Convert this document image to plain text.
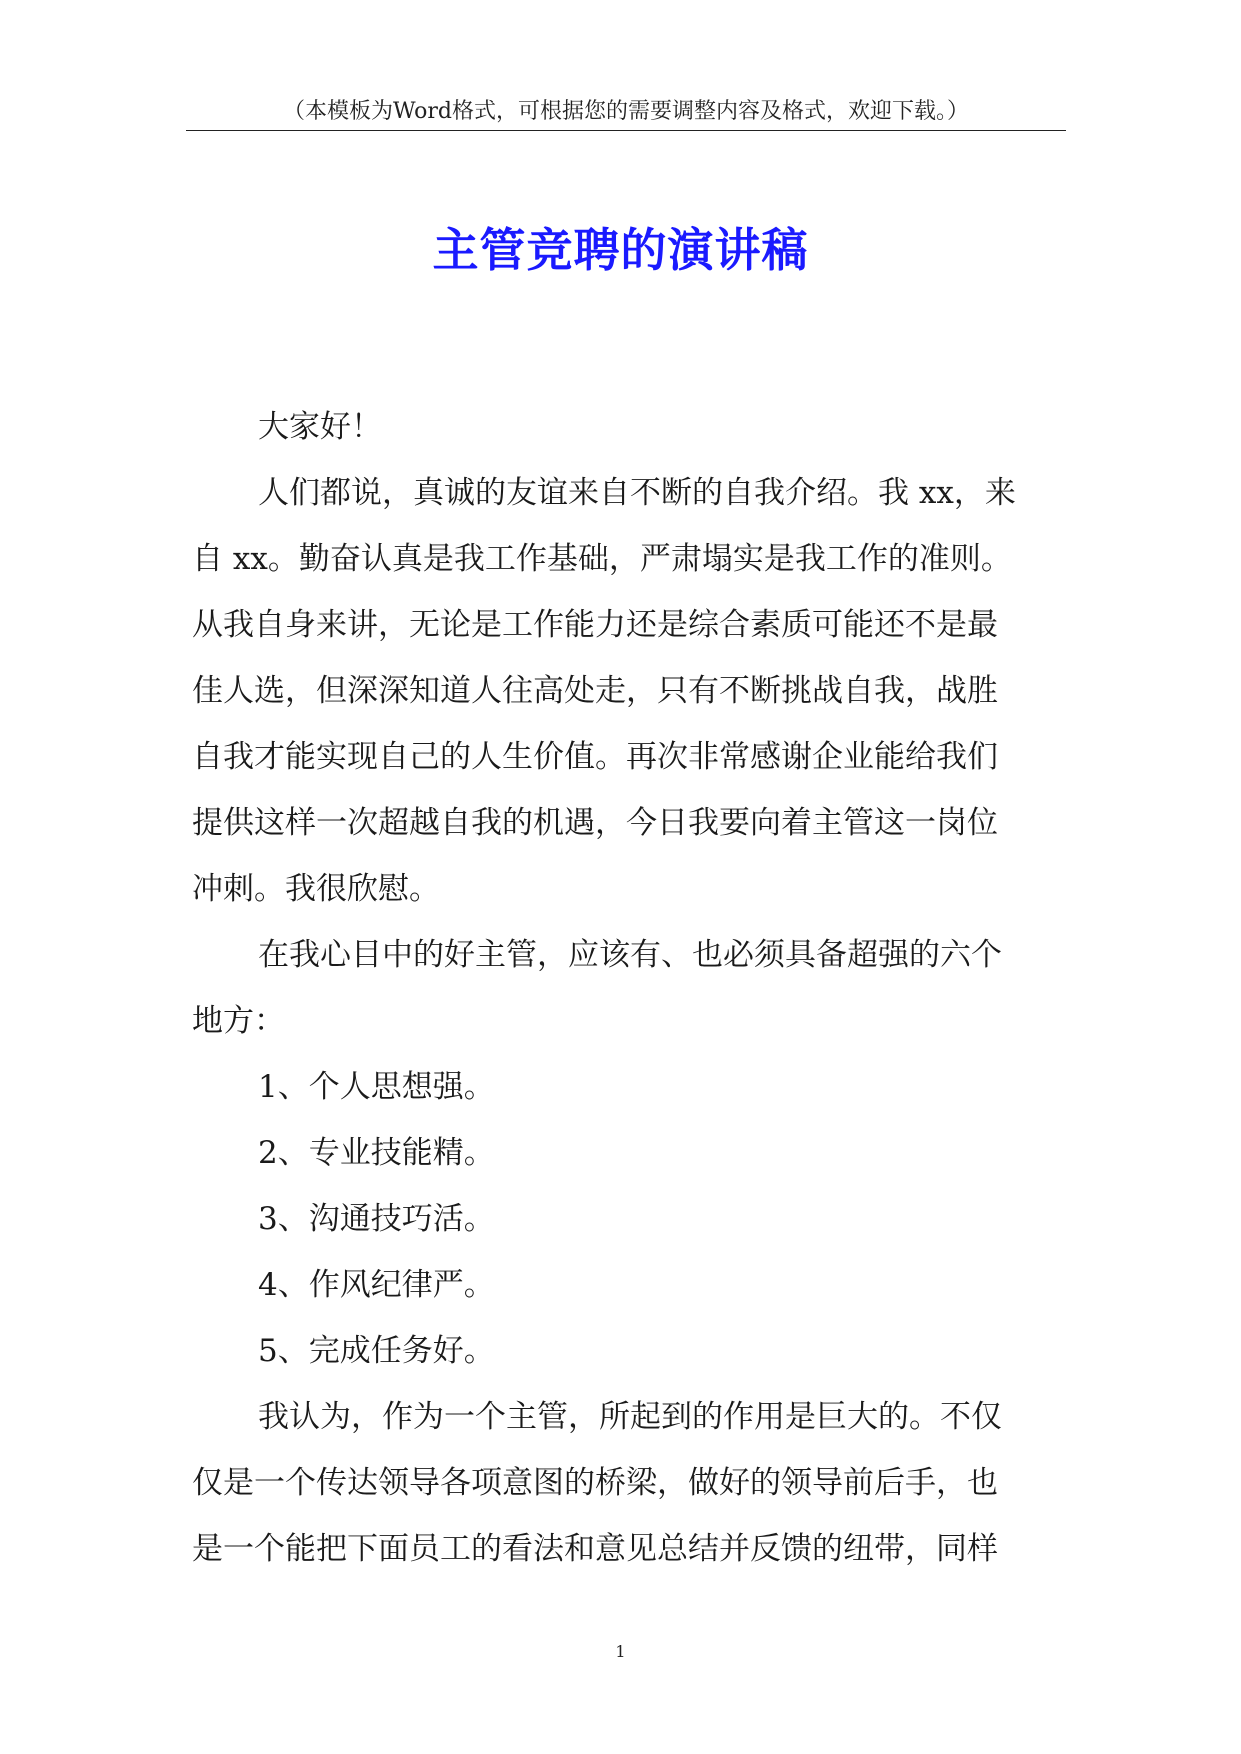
（本模板为Word格式，可根据您的需要调整内容及格式，欢迎下载。）
主管竞聘的演讲稿
大家好！
人们都说，真诚的友谊来自不断的自我介绍。我 xx，来
自 xx。勤奋认真是我工作基础，严肃塌实是我工作的准则。
从我自身来讲，无论是工作能力还是综合素质可能还不是最
佳人选，但深深知道人往高处走，只有不断挑战自我，战胜
自我才能实现自己的人生价值。再次非常感谢企业能给我们
提供这样一次超越自我的机遇，今日我要向着主管这一岗位
冲刺。我很欣慰。
在我心目中的好主管，应该有、也必须具备超强的六个
地方：
1、个人思想强。
2、专业技能精。
3、沟通技巧活。
4、作风纪律严。
5、完成任务好。
我认为，作为一个主管，所起到的作用是巨大的。不仅
仅是一个传达领导各项意图的桥梁，做好的领导前后手，也
是一个能把下面员工的看法和意见总结并反馈的纽带，同样
1
